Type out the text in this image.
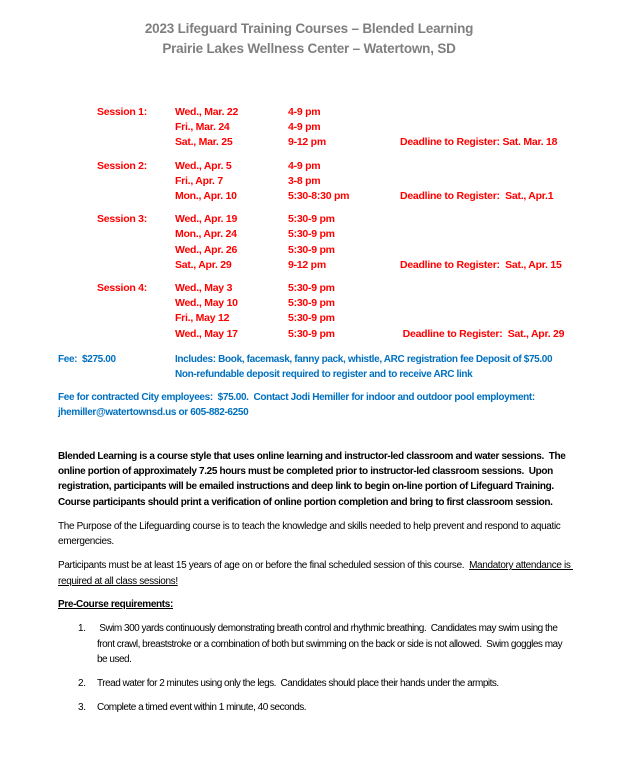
2023 Lifeguard Training Courses – Blended Learning
Prairie Lakes Wellness Center – Watertown, SD
Session 1:	Wed., Mar. 22	4-9 pm
Fri., Mar. 24	4-9 pm
Sat., Mar. 25	9-12 pm	Deadline to Register: Sat. Mar. 18
Session 2:	Wed., Apr. 5	4-9 pm
Fri., Apr. 7	3-8 pm
Mon., Apr. 10	5:30-8:30 pm	Deadline to Register:  Sat., Apr.1
Session 3:	Wed., Apr. 19	5:30-9 pm
Mon., Apr. 24	5:30-9 pm
Wed., Apr. 26	5:30-9 pm
Sat., Apr. 29	9-12 pm	Deadline to Register:  Sat., Apr. 15
Session 4:	Wed., May 3	5:30-9 pm
Wed., May 10	5:30-9 pm
Fri., May 12	5:30-9 pm
Wed., May 17	5:30-9 pm	Deadline to Register:  Sat., Apr. 29
Fee:  $275.00	Includes: Book, facemask, fanny pack, whistle, ARC registration fee Deposit of $75.00
Non-refundable deposit required to register and to receive ARC link
Fee for contracted City employees:  $75.00.  Contact Jodi Hemiller for indoor and outdoor pool employment:
jhemiller@watertownsd.us or 605-882-6250
Blended Learning is a course style that uses online learning and instructor-led classroom and water sessions.  The online portion of approximately 7.25 hours must be completed prior to instructor-led classroom sessions.  Upon registration, participants will be emailed instructions and deep link to begin on-line portion of Lifeguard Training.  Course participants should print a verification of online portion completion and bring to first classroom session.
The Purpose of the Lifeguarding course is to teach the knowledge and skills needed to help prevent and respond to aquatic emergencies.
Participants must be at least 15 years of age on or before the final scheduled session of this course.  Mandatory attendance is required at all class sessions!
Pre-Course requirements:
1.	Swim 300 yards continuously demonstrating breath control and rhythmic breathing.  Candidates may swim using the front crawl, breaststroke or a combination of both but swimming on the back or side is not allowed.  Swim goggles may be used.
2.	Tread water for 2 minutes using only the legs.  Candidates should place their hands under the armpits.
3.	Complete a timed event within 1 minute, 40 seconds.
